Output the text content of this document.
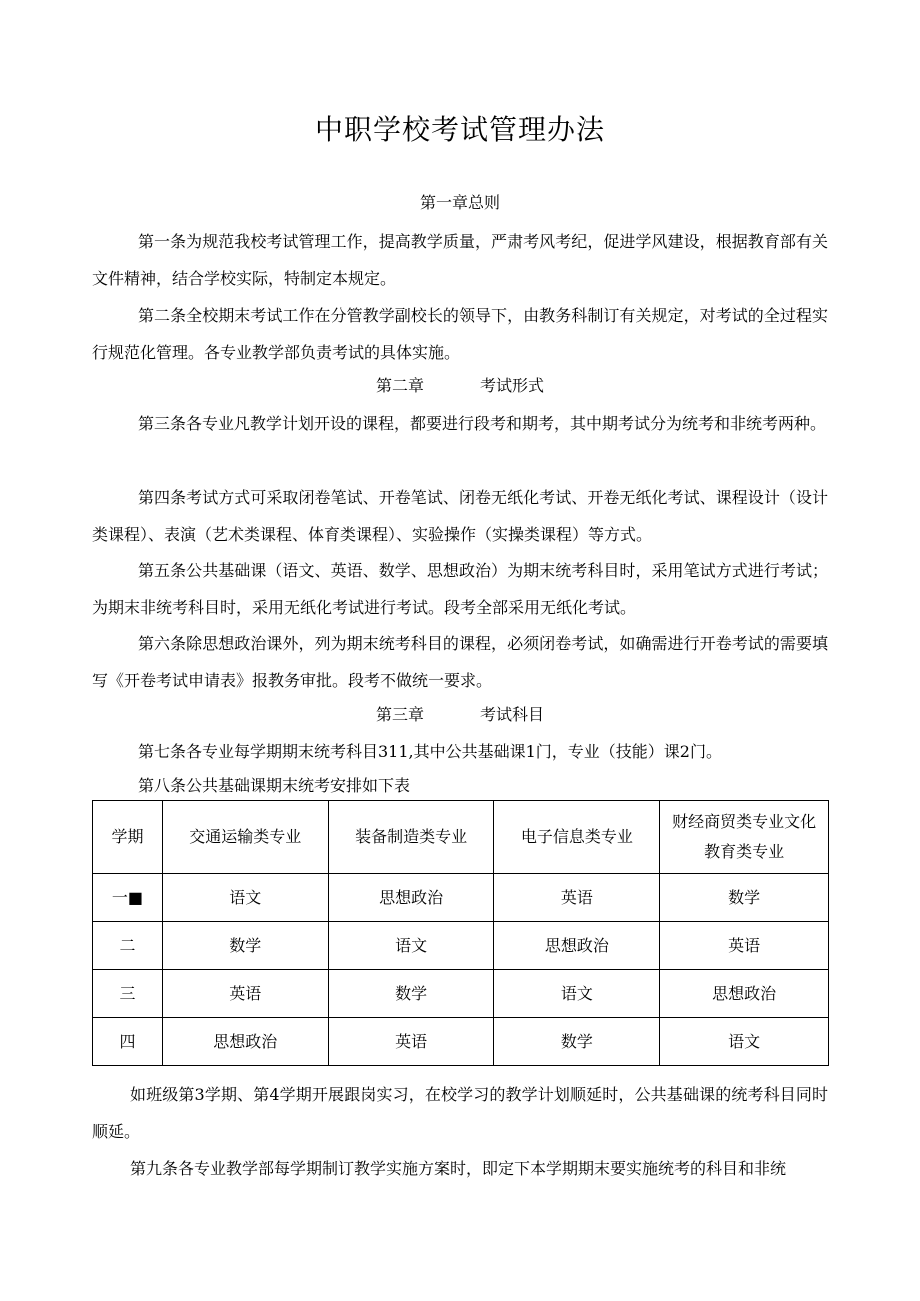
中职学校考试管理办法
第一章总则
第一条为规范我校考试管理工作，提高教学质量，严肃考风考纪，促进学风建设，根据教育部有关文件精神，结合学校实际，特制定本规定。
第二条全校期末考试工作在分管教学副校长的领导下，由教务科制订有关规定，对考试的全过程实行规范化管理。各专业教学部负责考试的具体实施。
第二章	考试形式
第三条各专业凡教学计划开设的课程，都要进行段考和期考，其中期考试分为统考和非统考两种。
第四条考试方式可采取闭卷笔试、开卷笔试、闭卷无纸化考试、开卷无纸化考试、课程设计（设计类课程）、表演（艺术类课程、体育类课程）、实验操作（实操类课程）等方式。
第五条公共基础课（语文、英语、数学、思想政治）为期末统考科目时，采用笔试方式进行考试；为期末非统考科目时，采用无纸化考试进行考试。段考全部采用无纸化考试。
第六条除思想政治课外，列为期末统考科目的课程，必须闭卷考试，如确需进行开卷考试的需要填写《开卷考试申请表》报教务审批。段考不做统一要求。
第三章	考试科目
第七条各专业每学期期末统考科目311,其中公共基础课1门，专业（技能）课2门。
第八条公共基础课期末统考安排如下表
学期	交通运输类专业	装备制造类专业	电子信息类专业	财经商贸类专业文化教育类专业
一■	语文	思想政治	英语	数学
二	数学	语文	思想政治	英语
三	英语	数学	语文	思想政治
四	思想政治	英语	数学	语文
如班级第3学期、第4学期开展跟岗实习，在校学习的教学计划顺延时，公共基础课的统考科目同时顺延。
第九条各专业教学部每学期制订教学实施方案时，即定下本学期期末要实施统考的科目和非统
